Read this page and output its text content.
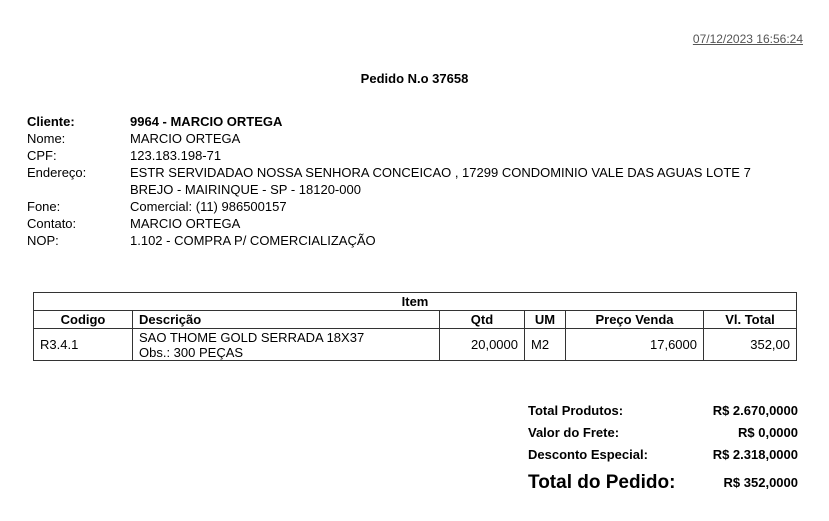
07/12/2023 16:56:24
Pedido N.o 37658
Cliente:	9964 - MARCIO ORTEGA
Nome:	MARCIO ORTEGA
CPF:	123.183.198-71
Endereço:	ESTR SERVIDADAO NOSSA SENHORA CONCEICAO , 17299 CONDOMINIO VALE DAS AGUAS LOTE 7
BREJO - MAIRINQUE - SP - 18120-000
Fone:	Comercial: (11) 986500157
Contato:	MARCIO ORTEGA
NOP:	1.102 - COMPRA P/ COMERCIALIZAÇÃO
Item					
Codigo	Descrição	Qtd	UM	Preço Venda	Vl. Total
R3.4.1	SAO THOME GOLD SERRADA 18X37
Obs.: 300 PEÇAS	20,0000	M2	17,6000	352,00
Total Produtos:	R$ 2.670,0000
Valor do Frete:	R$ 0,0000
Desconto Especial:	R$ 2.318,0000
Total do Pedido:	R$ 352,0000
